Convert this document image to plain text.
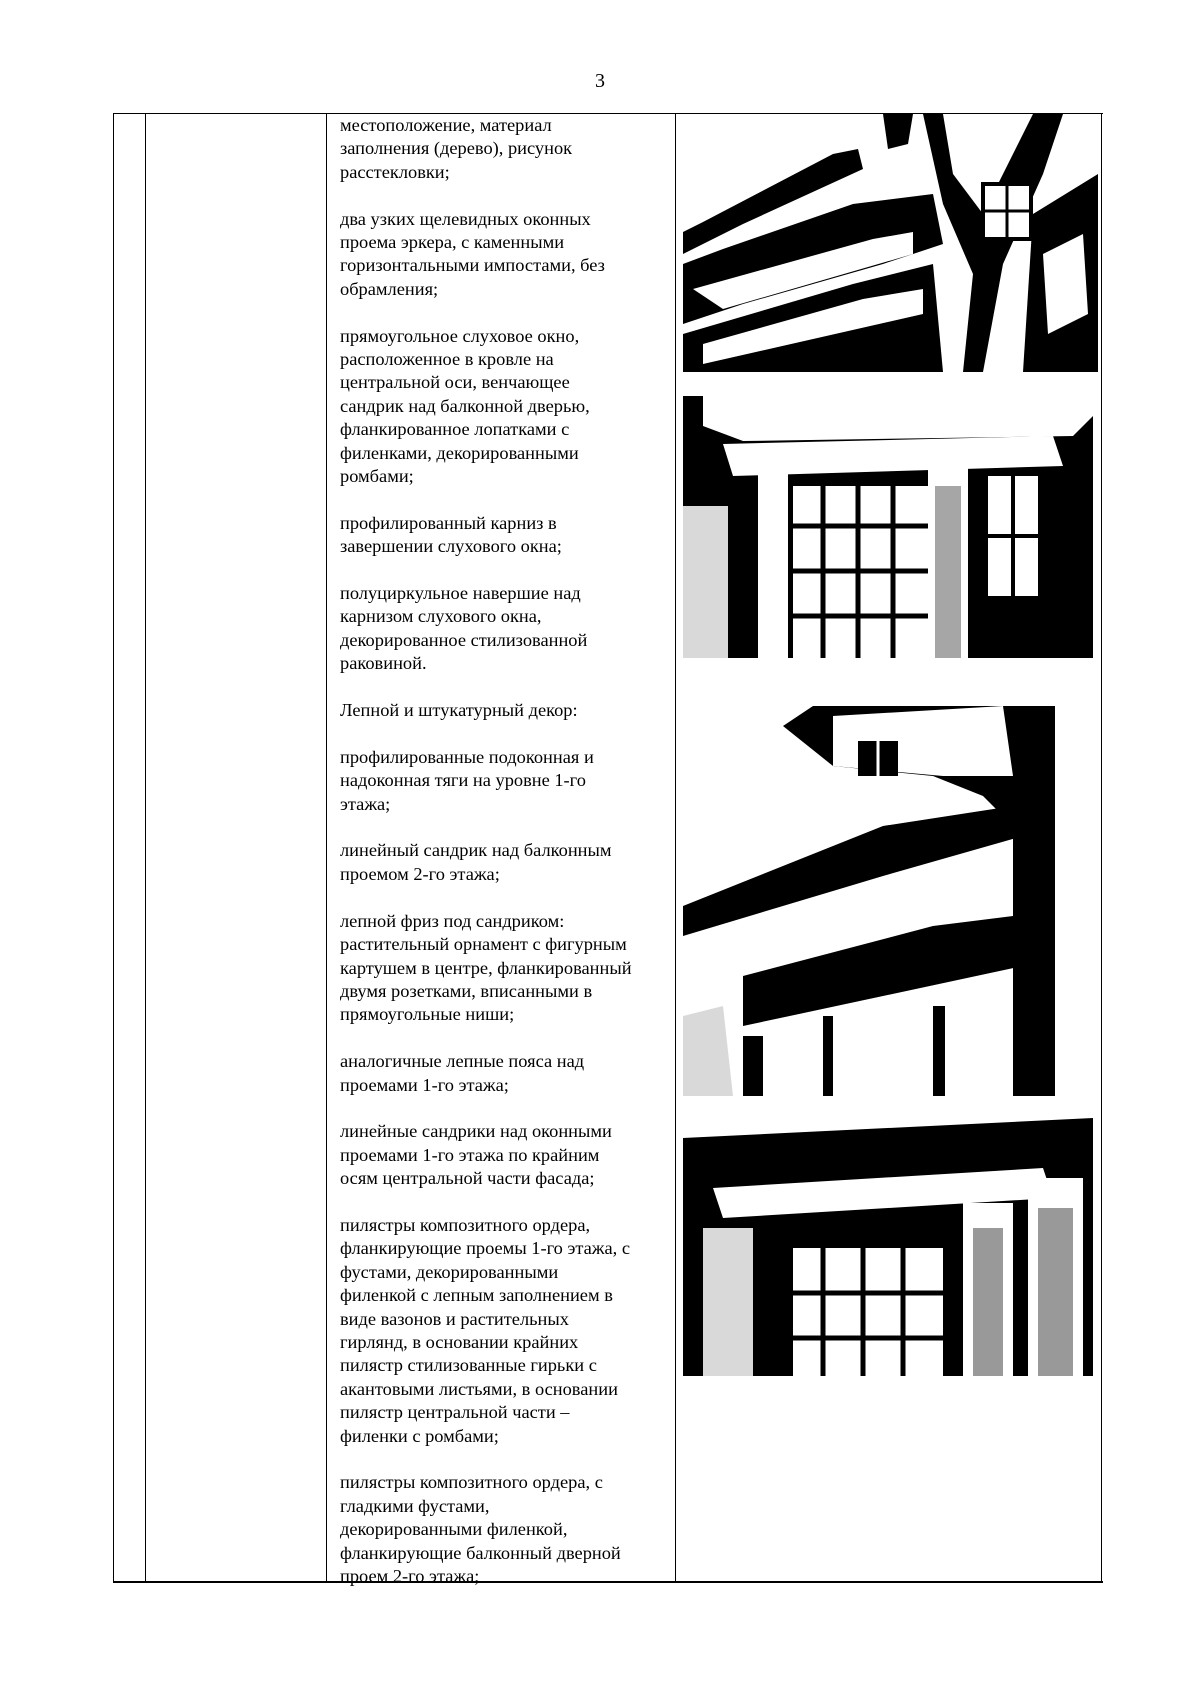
3

местоположение, материал
заполнения (дерево), рисунок
расстекловки;

два узких щелевидных оконных
проема эркера, с каменными
горизонтальными импостами, без
обрамления;

прямоугольное слуховое окно,
расположенное в кровле на
центральной оси, венчающее
сандрик над балконной дверью,
фланкированное лопатками с
филенками, декорированными
ромбами;

профилированный карниз в
завершении слухового окна;

полуциркульное навершие над
карнизом слухового окна,
декорированное стилизованной
раковиной.

Лепной и штукатурный декор:

профилированные подоконная и
надоконная тяги на уровне 1-го
этажа;

линейный сандрик над балконным
проемом 2-го этажа;

лепной фриз под сандриком:
растительный орнамент с фигурным
картушем в центре, фланкированный
двумя розетками, вписанными в
прямоугольные ниши;

аналогичные лепные пояса над
проемами 1-го этажа;

линейные сандрики над оконными
проемами 1-го этажа по крайним
осям центральной части фасада;

пилястры композитного ордера,
фланкирующие проемы 1-го этажа, с
фустами, декорированными
филенкой с лепным заполнением в
виде вазонов и растительных
гирлянд, в основании крайних
пилястр стилизованные гирьки с
акантовыми листьями, в основании
пилястр центральной части –
филенки с ромбами;

пилястры композитного ордера, с
гладкими фустами,
декорированными филенкой,
фланкирующие балконный дверной
проем 2-го этажа;
